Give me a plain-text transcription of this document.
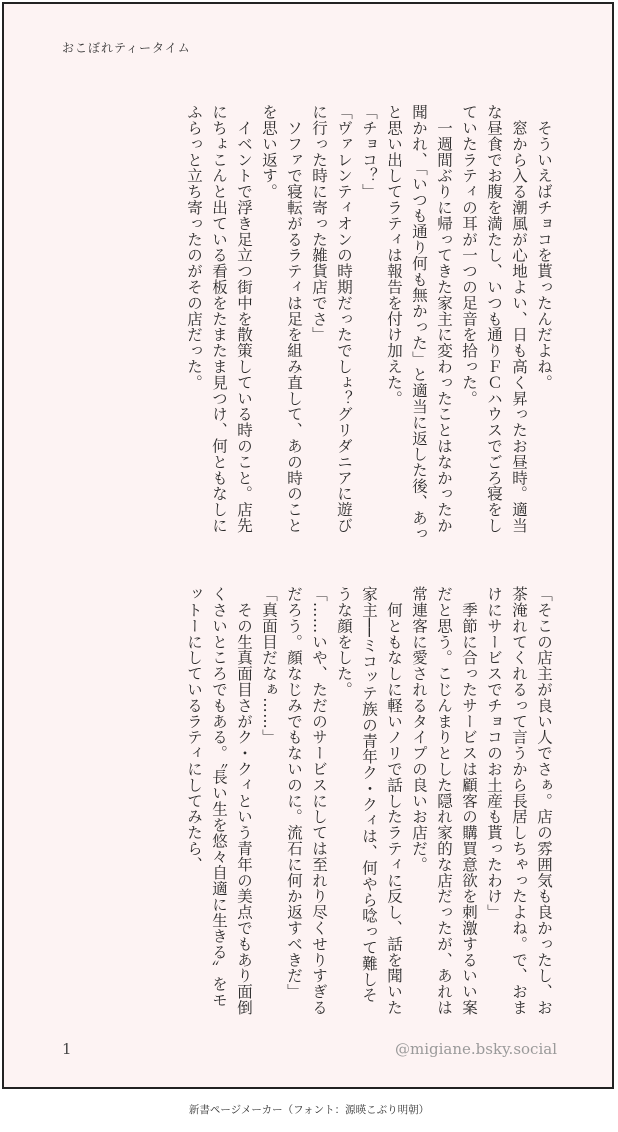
おこぼれティータイム

　そういえばチョコを貰ったんだよね。

　窓から入る潮風が心地よい、日も高く昇ったお昼時。適当な昼食でお腹を満たし、いつも通りＦＣハウスでごろ寝をしていたラティの耳が一つの足音を拾った。

　一週間ぶりに帰ってきた家主に変わったことはなかったか聞かれ、「いつも通り何も無かった」と適当に返した後、あっと思い出してラティは報告を付け加えた。

「チョコ？」

「ヴァレンティオンの時期だったでしょ？グリダニアに遊びに行った時に寄った雑貨店でさ」

　ソファで寝転がるラティは足を組み直して、あの時のことを思い返す。

　イベントで浮き足立つ街中を散策している時のこと。店先にちょこんと出ている看板をたまたま見つけ、何ともなしにふらっと立ち寄ったのがその店だった。

「そこの店主が良い人でさぁ。店の雰囲気も良かったし、お茶淹れてくれるって言うから長居しちゃったよね。で、おまけにサービスでチョコのお土産も貰ったわけ」

　季節に合ったサービスは顧客の購買意欲を刺激するいい案だと思う。こじんまりとした隠れ家的な店だったが、あれは常連客に愛されるタイプの良いお店だ。

　何ともなしに軽いノリで話したラティに反し、話を聞いた家主──ミコッテ族の青年ク・クィは、何やら唸って難しそうな顔をした。

「……いや、ただのサービスにしては至れり尽くせりすぎるだろう。顔なじみでもないのに。流石に何か返すべきだ」

「真面目だなぁ……」

　その生真面目さがク・クィという青年の美点でもあり面倒くさいところでもある。〝長い生を悠々自適に生きる〟をモットーにしているラティにしてみたら、

1	@migiane.bsky.social
新書ページメーカー（フォント：源暎こぶり明朝）
